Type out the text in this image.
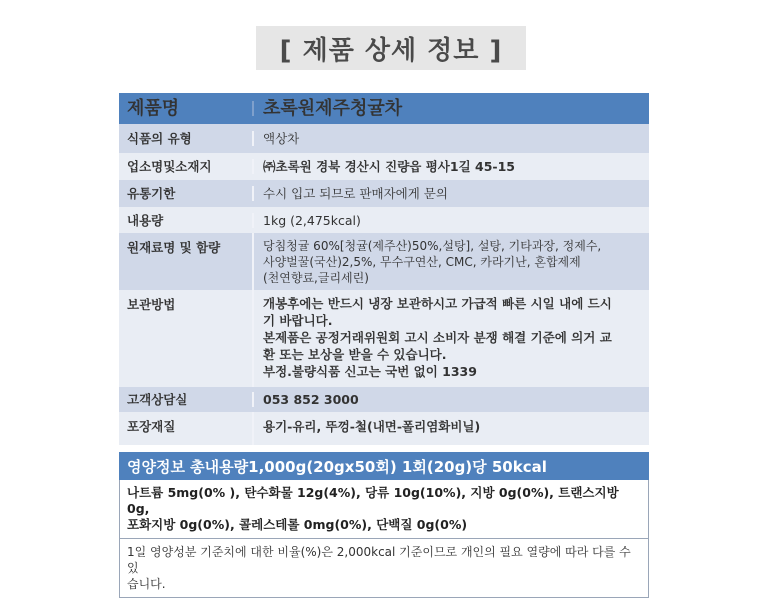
[ 제품 상세 정보 ]
제품명	초록원제주청귤차
식품의 유형	액상차
업소명및소재지	㈜초록원 경북 경산시 진량읍 평사1길 45-15
유통기한	수시 입고 되므로 판매자에게 문의
내용량	1kg (2,475kcal)
원재료명 및 함량	당침청귤 60%[청귤(제주산)50%,설탕], 설탕, 기타과장, 정제수,
사양벌꿀(국산)2,5%, 무수구연산, CMC, 카라기난, 혼합제제
(천연향료,글리세린)
보관방법	개봉후에는 반드시 냉장 보관하시고 가급적 빠른 시일 내에 드시
기 바랍니다.
본제품은 공정거래위원회 고시 소비자 분쟁 해결 기준에 의거 교
환 또는 보상을 받을 수 있습니다.
부정.불량식품 신고는 국번 없이 1339
고객상담실	053 852 3000
포장재질	용기-유리, 뚜껑-철(내면-폴리염화비닐)
영양정보 총내용량1,000g(20gx50회) 1회(20g)당 50kcal
나트륨 5mg(0% ), 탄수화물 12g(4%), 당류 10g(10%), 지방 0g(0%), 트랜스지방 0g,
포화지방 0g(0%), 콜레스테롤 0mg(0%), 단백질 0g(0%)
1일 영양성분 기준치에 대한 비율(%)은 2,000kcal 기준이므로 개인의 필요 열량에 따라 다를 수 있
습니다.
